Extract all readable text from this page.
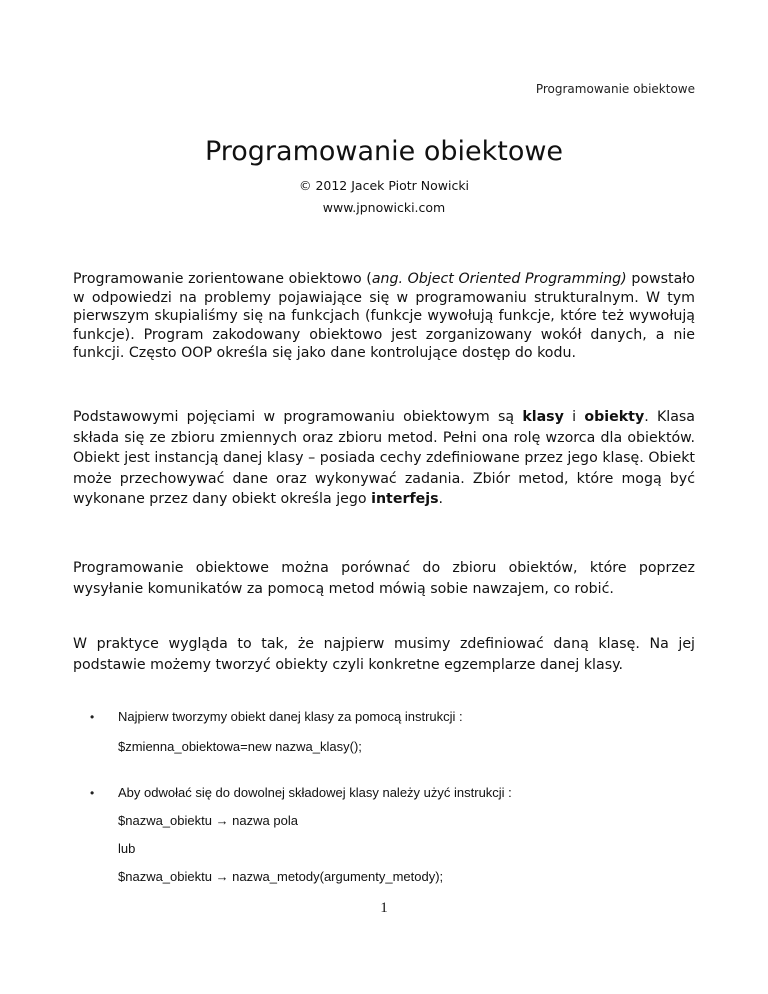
Programowanie obiektowe
Programowanie obiektowe
© 2012 Jacek Piotr Nowicki
www.jpnowicki.com

Programowanie zorientowane obiektowo (ang. Object Oriented Programming) powstało w odpowiedzi na problemy pojawiające się w programowaniu strukturalnym. W tym pierwszym skupialiśmy się na funkcjach (funkcje wywołują funkcje, które też wywołują funkcje). Program zakodowany obiektowo jest zorganizowany wokół danych, a nie funkcji. Często OOP określa się jako dane kontrolujące dostęp do kodu.

Podstawowymi pojęciami w programowaniu obiektowym są klasy i obiekty. Klasa składa się ze zbioru zmiennych oraz zbioru metod. Pełni ona rolę wzorca dla obiektów. Obiekt jest instancją danej klasy – posiada cechy zdefiniowane przez jego klasę. Obiekt może przechowywać dane oraz wykonywać zadania. Zbiór metod, które mogą być wykonane przez dany obiekt określa jego interfejs.

Programowanie obiektowe można porównać do zbioru obiektów, które poprzez wysyłanie komunikatów za pomocą metod mówią sobie nawzajem, co robić.

W praktyce wygląda to tak, że najpierw musimy zdefiniować daną klasę. Na jej podstawie możemy tworzyć obiekty czyli konkretne egzemplarze danej klasy.

• Najpierw tworzymy obiekt danej klasy za pomocą instrukcji :
$zmienna_obiektowa=new nazwa_klasy();
• Aby odwołać się do dowolnej składowej klasy należy użyć instrukcji :
$nazwa_obiektu → nazwa pola
lub
$nazwa_obiektu → nazwa_metody(argumenty_metody);
1
